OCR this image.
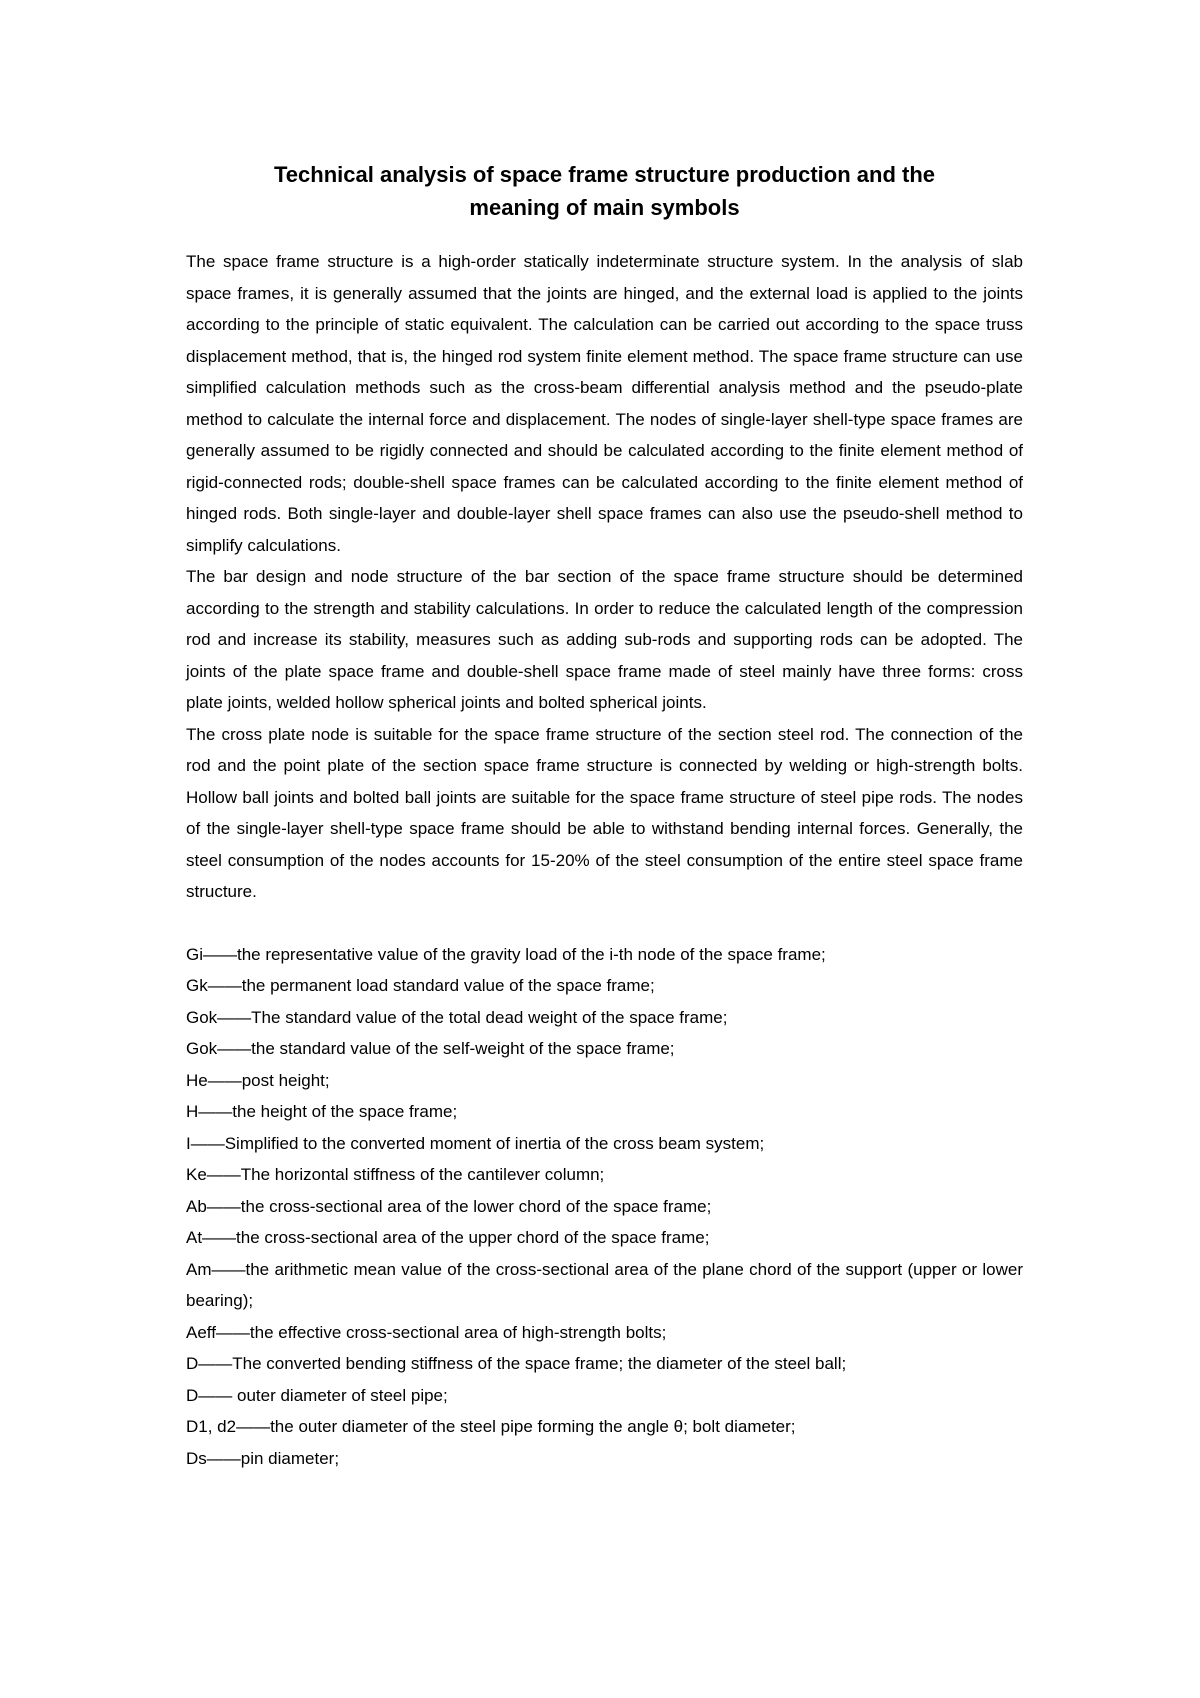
Technical analysis of space frame structure production and the
meaning of main symbols

The space frame structure is a high-order statically indeterminate structure system. In the analysis of slab space frames, it is generally assumed that the joints are hinged, and the external load is applied to the joints according to the principle of static equivalent. The calculation can be carried out according to the space truss displacement method, that is, the hinged rod system finite element method. The space frame structure can use simplified calculation methods such as the cross-beam differential analysis method and the pseudo-plate method to calculate the internal force and displacement. The nodes of single-layer shell-type space frames are generally assumed to be rigidly connected and should be calculated according to the finite element method of rigid-connected rods; double-shell space frames can be calculated according to the finite element method of hinged rods. Both single-layer and double-layer shell space frames can also use the pseudo-shell method to simplify calculations.

The bar design and node structure of the bar section of the space frame structure should be determined according to the strength and stability calculations. In order to reduce the calculated length of the compression rod and increase its stability, measures such as adding sub-rods and supporting rods can be adopted. The joints of the plate space frame and double-shell space frame made of steel mainly have three forms: cross plate joints, welded hollow spherical joints and bolted spherical joints.

The cross plate node is suitable for the space frame structure of the section steel rod. The connection of the rod and the point plate of the section space frame structure is connected by welding or high-strength bolts. Hollow ball joints and bolted ball joints are suitable for the space frame structure of steel pipe rods. The nodes of the single-layer shell-type space frame should be able to withstand bending internal forces. Generally, the steel consumption of the nodes accounts for 15-20% of the steel consumption of the entire steel space frame structure.

Gi——the representative value of the gravity load of the i-th node of the space frame;

Gk——the permanent load standard value of the space frame;

Gok——The standard value of the total dead weight of the space frame;

Gok——the standard value of the self-weight of the space frame;

He——post height;

H——the height of the space frame;

I——Simplified to the converted moment of inertia of the cross beam system;

Ke——The horizontal stiffness of the cantilever column;

Ab——the cross-sectional area of the lower chord of the space frame;

At——the cross-sectional area of the upper chord of the space frame;

Am——the arithmetic mean value of the cross-sectional area of the plane chord of the support (upper or lower bearing);

Aeff——the effective cross-sectional area of high-strength bolts;

D——The converted bending stiffness of the space frame; the diameter of the steel ball;

D—— outer diameter of steel pipe;

D1, d2——the outer diameter of the steel pipe forming the angle θ; bolt diameter;

Ds——pin diameter;
